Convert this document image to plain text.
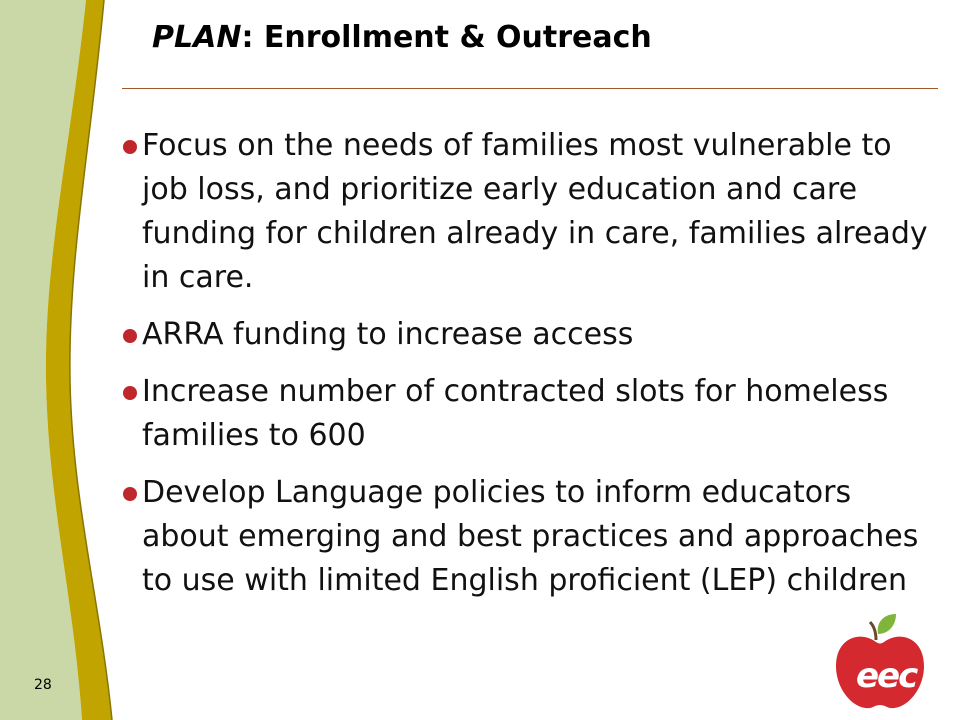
PLAN: Enrollment & Outreach
Focus on the needs of families most vulnerable to job loss, and prioritize early education and care funding for children already in care, families already in care.
ARRA funding to increase access
Increase number of contracted slots for homeless families to 600
Develop Language policies to inform educators about emerging and best practices and approaches to use with limited English proficient (LEP) children
28	eec
